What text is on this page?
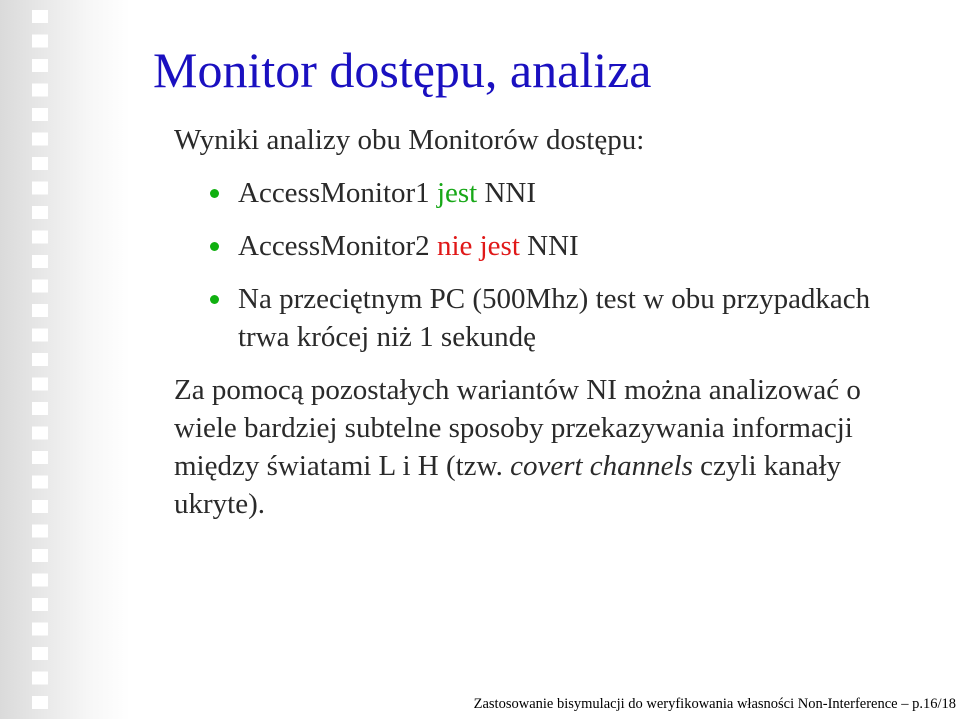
Monitor dostępu, analiza

Wyniki analizy obu Monitorów dostępu:

AccessMonitor1 jest NNI
AccessMonitor2 nie jest NNI
Na przeciętnym PC (500Mhz) test w obu przypadkach trwa krócej niż 1 sekundę

Za pomocą pozostałych wariantów NI można analizować o wiele bardziej subtelne sposoby przekazywania informacji między światami L i H (tzw. covert channels czyli kanały ukryte).

Zastosowanie bisymulacji do weryfikowania własności Non-Interference – p.16/18
